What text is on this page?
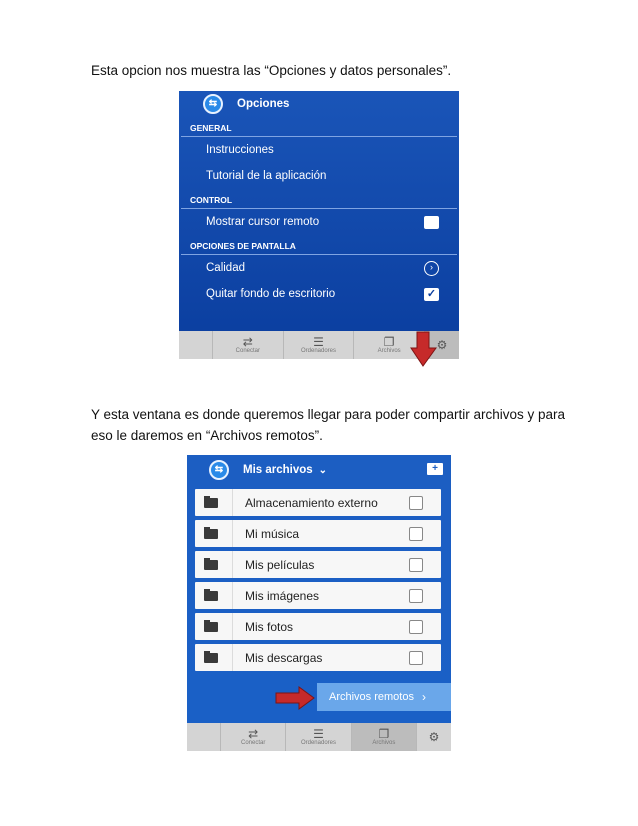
Esta opcion nos muestra las “Opciones y datos personales”.

⇆ Opciones
GENERAL
Instrucciones
Tutorial de la aplicación
CONTROL
Mostrar cursor remoto
OPCIONES DE PANTALLA
Calidad	›
Quitar fondo de escritorio	✓
⇄
Conectar
☰
Ordenadores
❐
Archivos	⚙

Y esta ventana es donde queremos llegar para poder compartir archivos y para eso le daremos en “Archivos remotos”.

⇆ Mis archivos ⌄	+
Almacenamiento externo
Mi música
Mis películas
Mis imágenes
Mis fotos
Mis descargas
Archivos remotos ›
⇄
Conectar
☰
Ordenadores
❐
Archivos	⚙
